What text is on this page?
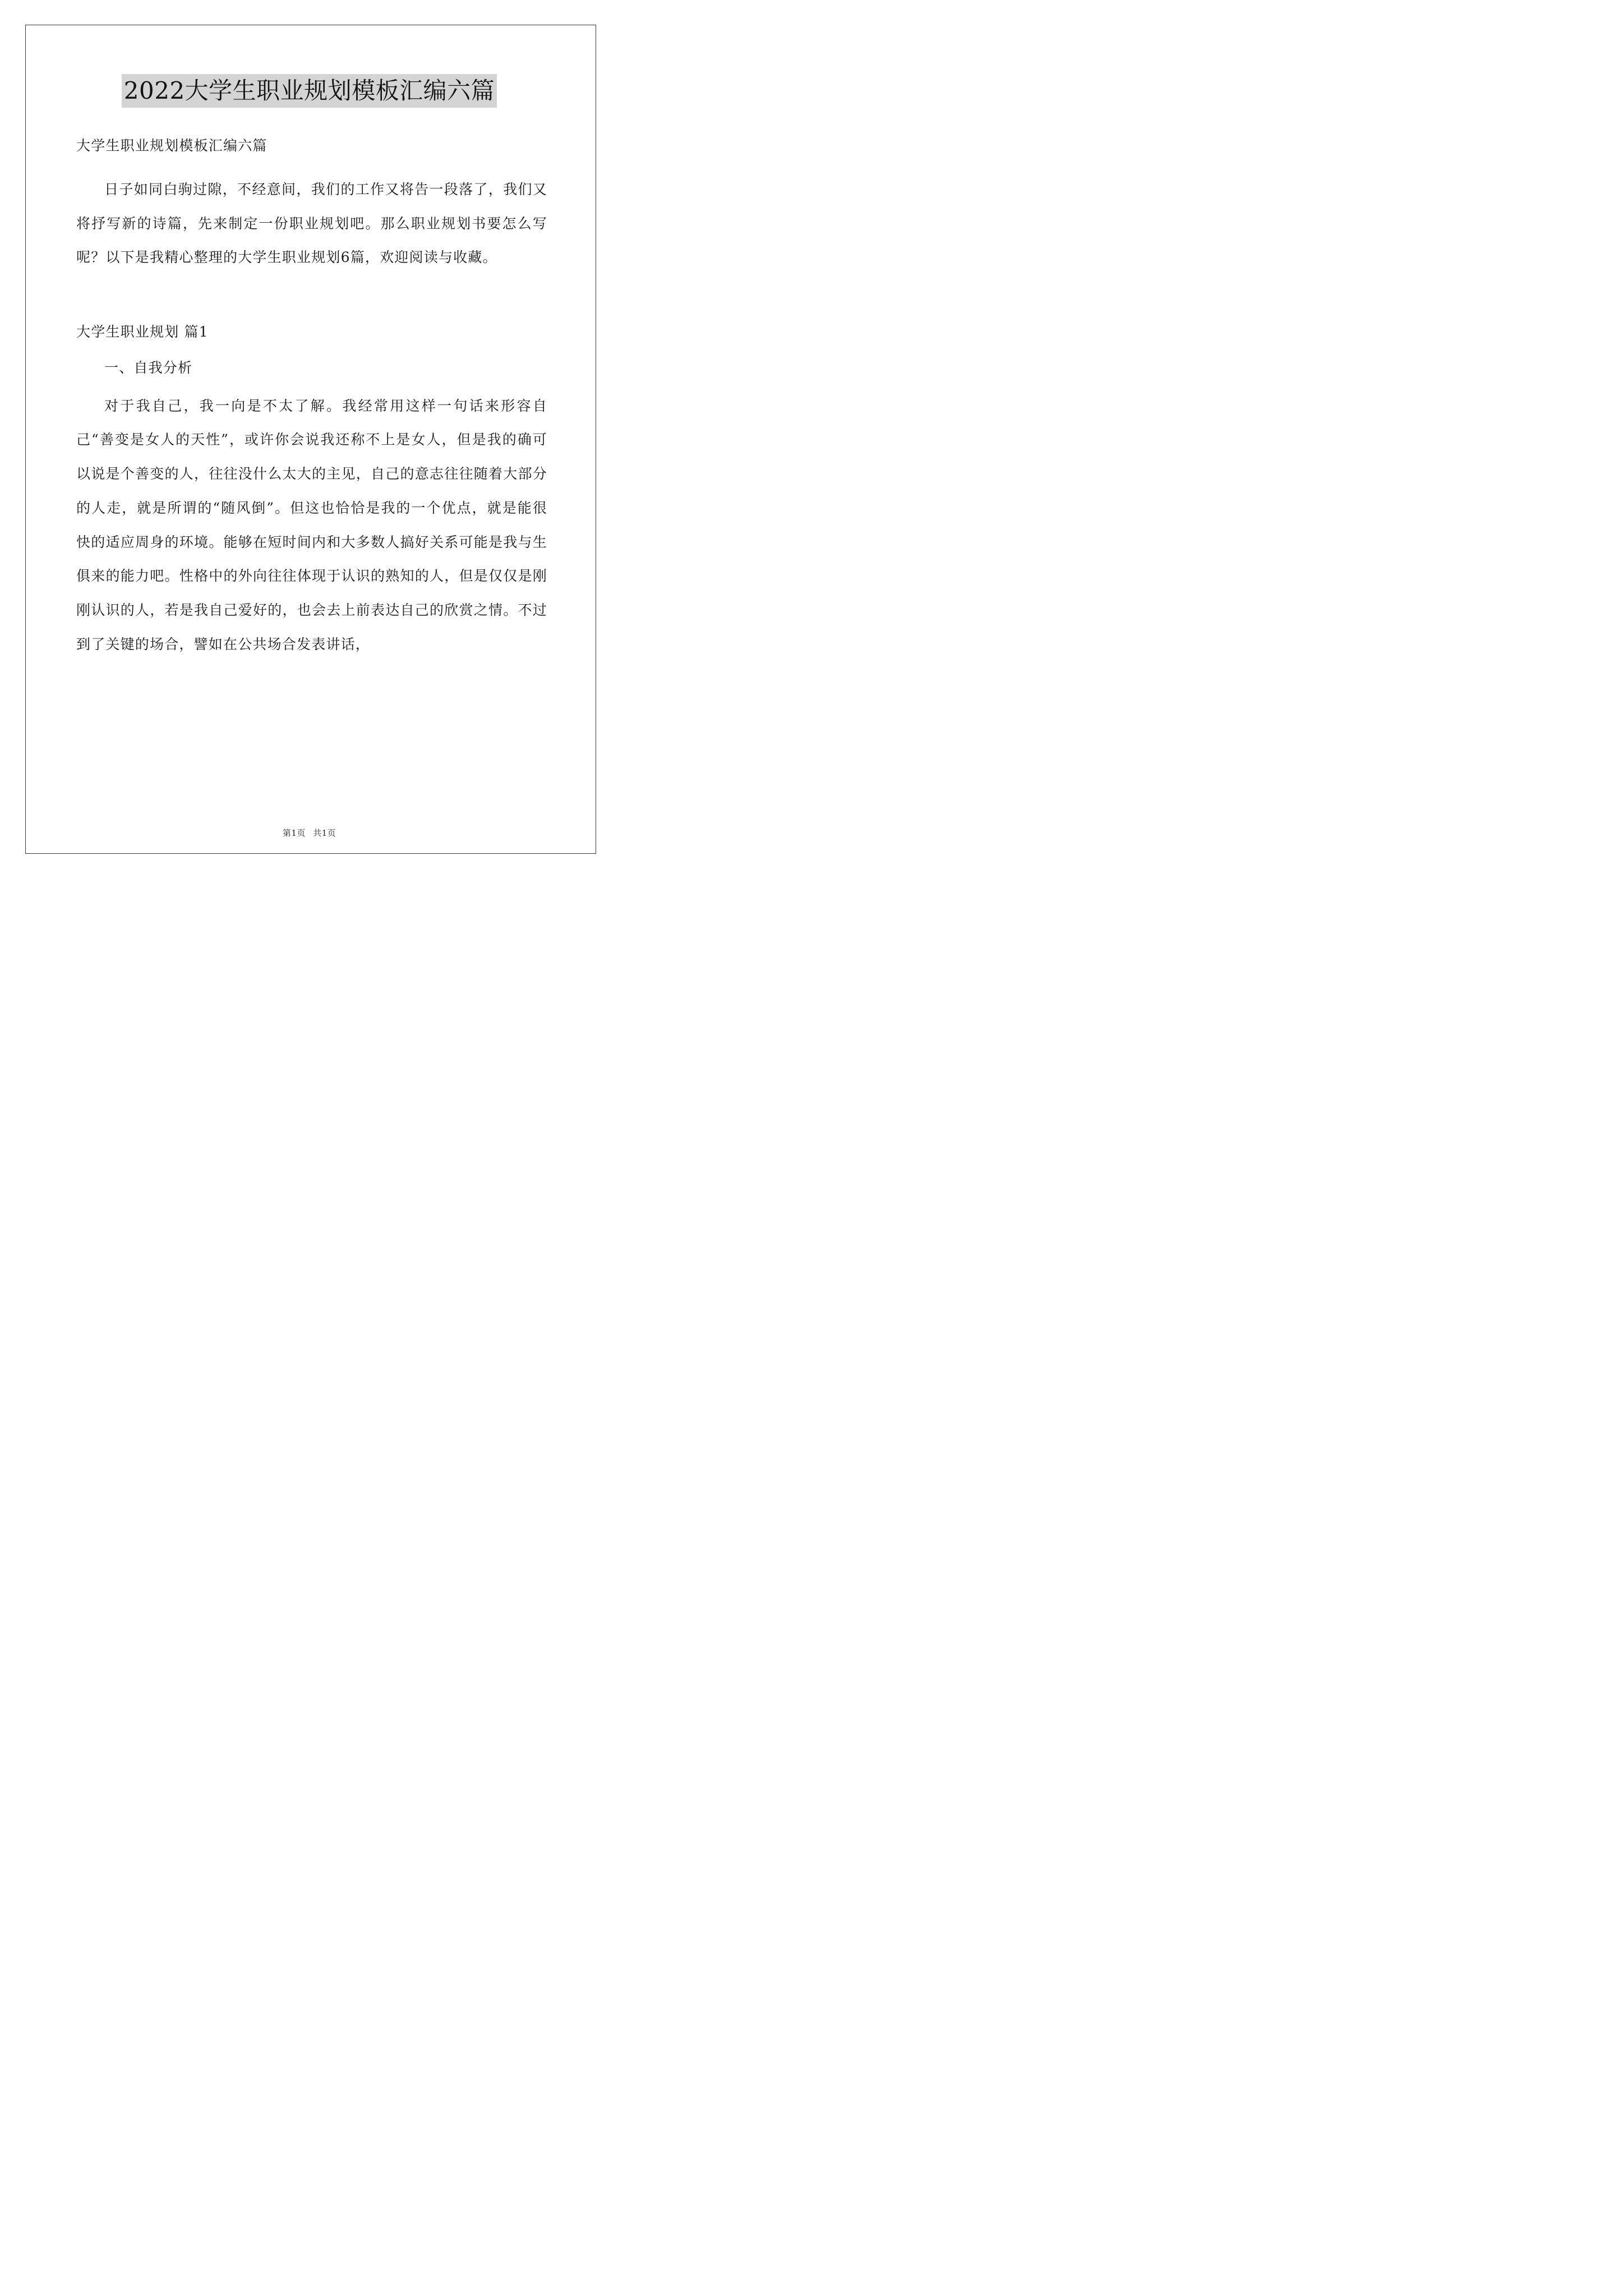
2022大学生职业规划模板汇编六篇

大学生职业规划模板汇编六篇

日子如同白驹过隙，不经意间，我们的工作又将告一段落了，我们又将抒写新的诗篇，先来制定一份职业规划吧。那么职业规划书要怎么写呢？以下是我精心整理的大学生职业规划6篇，欢迎阅读与收藏。

大学生职业规划 篇1

一、自我分析

对于我自己，我一向是不太了解。我经常用这样一句话来形容自己“善变是女人的天性”，或许你会说我还称不上是女人，但是我的确可以说是个善变的人，往往没什么太大的主见，自己的意志往往随着大部分的人走，就是所谓的“随风倒”。但这也恰恰是我的一个优点，就是能很快的适应周身的环境。能够在短时间内和大多数人搞好关系可能是我与生俱来的能力吧。性格中的外向往往体现于认识的熟知的人，但是仅仅是刚刚认识的人，若是我自己爱好的，也会去上前表达自己的欣赏之情。不过到了关键的场合，譬如在公共场合发表讲话，

第1页 共1页
